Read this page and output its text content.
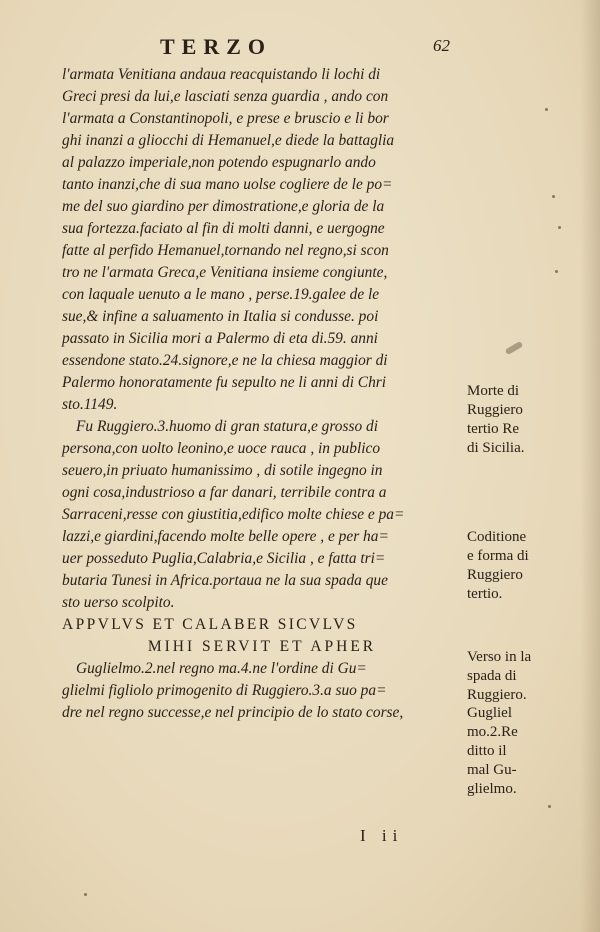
TERZO	62
l'armata Venitiana andaua reacquistando li lochi di
Greci presi da lui,e lasciati senza guardia , ando con
l'armata a Constantinopoli, e prese e bruscio e li bor
ghi inanzi a gliocchi di Hemanuel,e diede la battaglia
al palazzo imperiale,non potendo espugnarlo ando
tanto inanzi,che di sua mano uolse cogliere de le po=
me del suo giardino per dimostratione,e gloria de la
sua fortezza.faciato al fin di molti danni, e uergogne
fatte al perfido Hemanuel,tornando nel regno,si scon
tro ne l'armata Greca,e Venitiana insieme congiunte,
con laquale uenuto a le mano , perse.19.galee de le
sue,& infine a saluamento in Italia si condusse. poi
passato in Sicilia mori a Palermo di eta di.59. anni
essendone stato.24.signore,e ne la chiesa maggior di
Palermo honoratamente fu sepulto ne li anni di Chri
sto.1149.
Fu Ruggiero.3.huomo di gran statura,e grosso di
persona,con uolto leonino,e uoce rauca , in publico
seuero,in priuato humanissimo , di sotile ingegno in
ogni cosa,industrioso a far danari, terribile contra a
Sarraceni,resse con giustitia,edifico molte chiese e pa=
lazzi,e giardini,facendo molte belle opere , e per ha=
uer posseduto Puglia,Calabria,e Sicilia , e fatta tri=
butaria Tunesi in Africa.portaua ne la sua spada que
sto uerso scolpito.
APPVLVS ET CALABER SICVLVS
MIHI SERVIT ET APHER
Guglielmo.2.nel regno ma.4.ne l'ordine di Gu=
glielmi figliolo primogenito di Ruggiero.3.a suo pa=
dre nel regno successe,e nel principio de lo stato corse,
Morte di
Ruggiero
tertio Re
di Sicilia.
Coditione
e forma di
Ruggiero
tertio.
Verso in la
spada di
Ruggiero.
Gugliel
mo.2.Re
ditto il
mal Gu-
glielmo.
I ii
